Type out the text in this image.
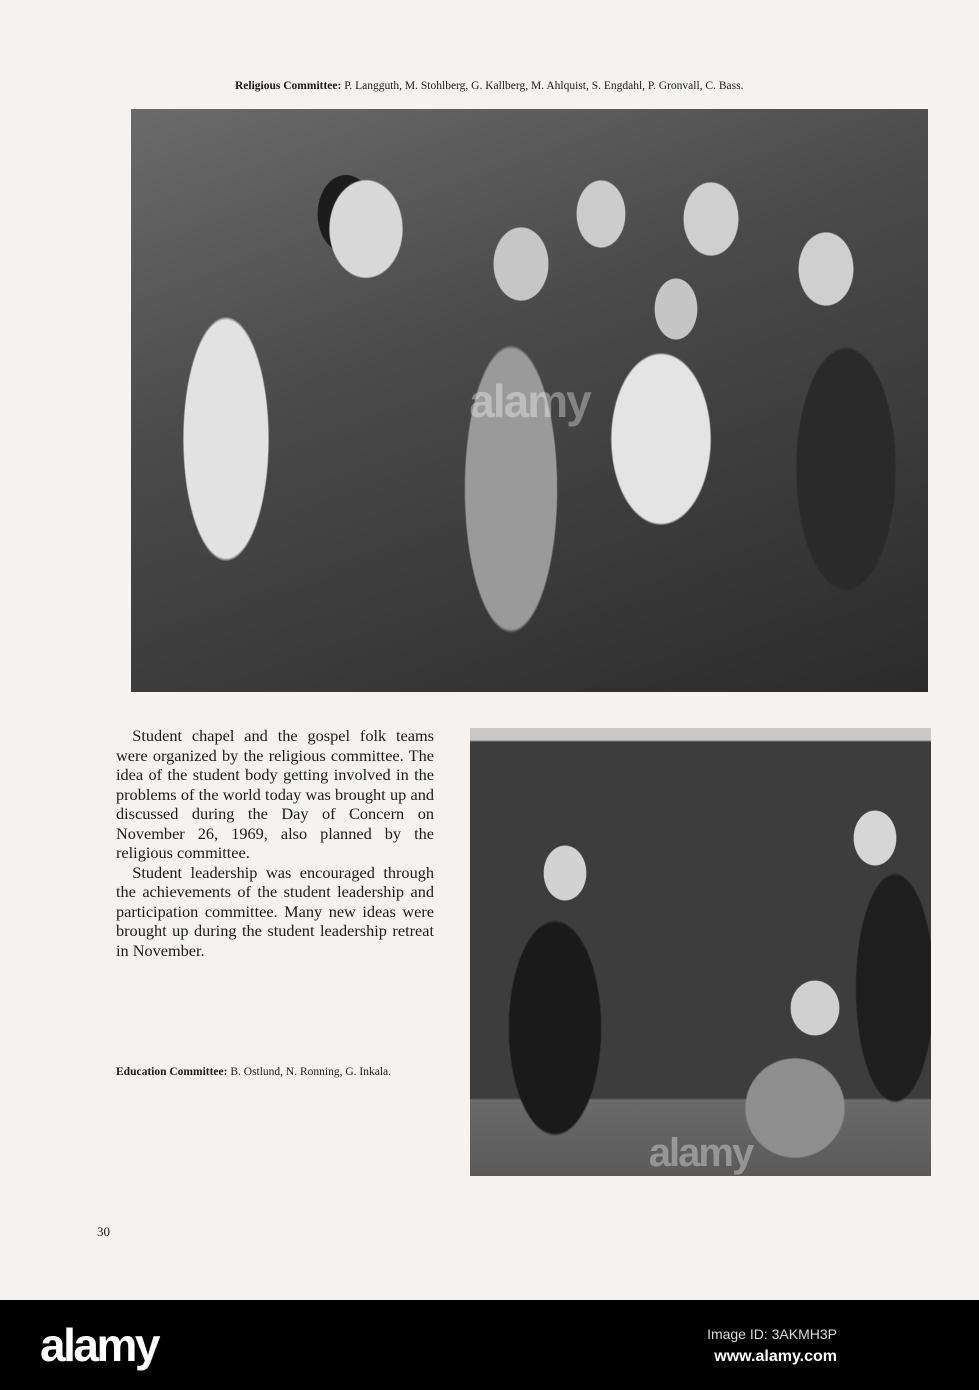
Religious Committee: P. Langguth, M. Stohlberg, G. Kallberg, M. Ahlquist, S. Engdahl, P. Gronvall, C. Bass.
alamy

 Student chapel and the gospel folk teams were organized by the religious committee. The idea of the student body getting involved in the problems of the world today was brought up and discussed during the Day of Concern on November 26, 1969, also planned by the religious committee.

 Student leadership was encouraged through the achievements of the student leadership and participation committee. Many new ideas were brought up during the student leadership retreat in November.

Education Committee: B. Ostlund, N. Ronning, G. Inkala.
alamy
30
alamy	Image ID: 3AKMH3P
www.alamy.com
